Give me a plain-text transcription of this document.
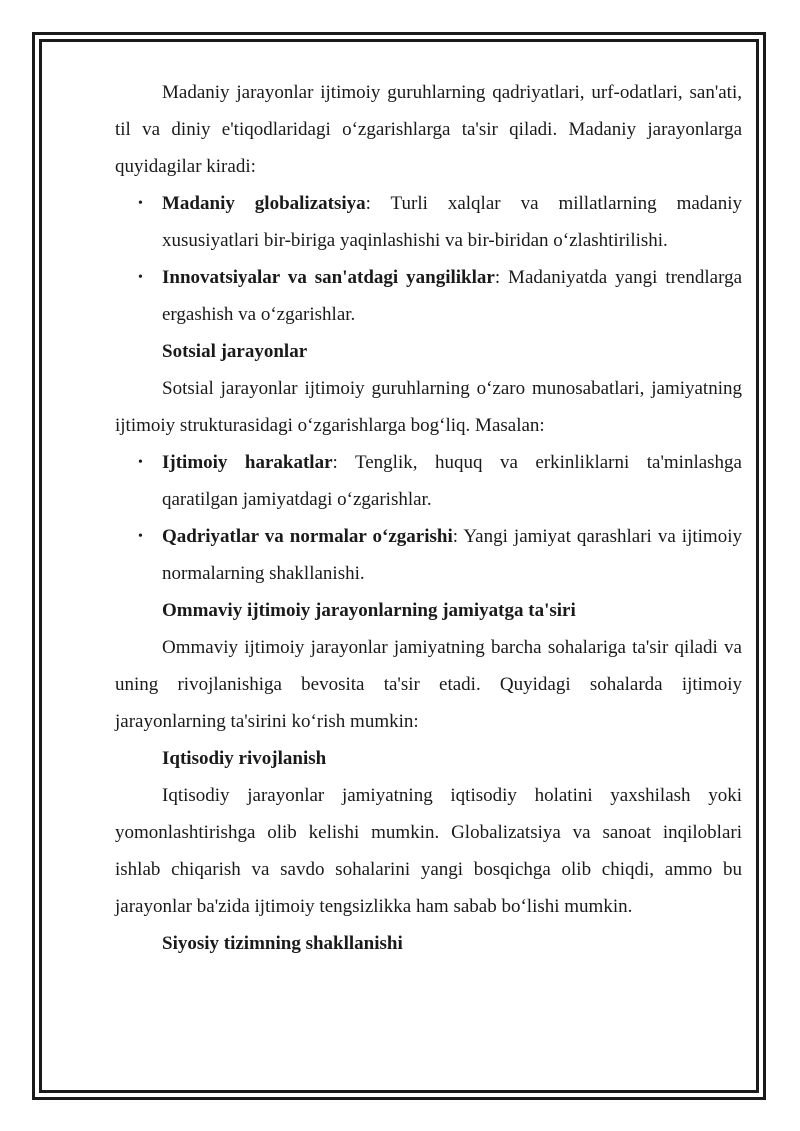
Madaniy jarayonlar ijtimoiy guruhlarning qadriyatlari, urf-odatlari, san'ati, til va diniy e'tiqodlaridagi o‘zgarishlarga ta'sir qiladi. Madaniy jarayonlarga quyidagilar kiradi:

• Madaniy globalizatsiya: Turli xalqlar va millatlarning madaniy xususiyatlari bir-biriga yaqinlashishi va bir-biridan o‘zlashtirilishi.
• Innovatsiyalar va san'atdagi yangiliklar: Madaniyatda yangi trendlarga ergashish va o‘zgarishlar.

Sotsial jarayonlar

Sotsial jarayonlar ijtimoiy guruhlarning o‘zaro munosabatlari, jamiyatning ijtimoiy strukturasidagi o‘zgarishlarga bog‘liq. Masalan:

• Ijtimoiy harakatlar: Tenglik, huquq va erkinliklarni ta'minlashga qaratilgan jamiyatdagi o‘zgarishlar.
• Qadriyatlar va normalar o‘zgarishi: Yangi jamiyat qarashlari va ijtimoiy normalarning shakllanishi.

Ommaviy ijtimoiy jarayonlarning jamiyatga ta'siri

Ommaviy ijtimoiy jarayonlar jamiyatning barcha sohalariga ta'sir qiladi va uning rivojlanishiga bevosita ta'sir etadi. Quyidagi sohalarda ijtimoiy jarayonlarning ta'sirini ko‘rish mumkin:

Iqtisodiy rivojlanish

Iqtisodiy jarayonlar jamiyatning iqtisodiy holatini yaxshilash yoki yomonlashtirishga olib kelishi mumkin. Globalizatsiya va sanoat inqiloblari ishlab chiqarish va savdo sohalarini yangi bosqichga olib chiqdi, ammo bu jarayonlar ba'zida ijtimoiy tengsizlikka ham sabab bo‘lishi mumkin.

Siyosiy tizimning shakllanishi
